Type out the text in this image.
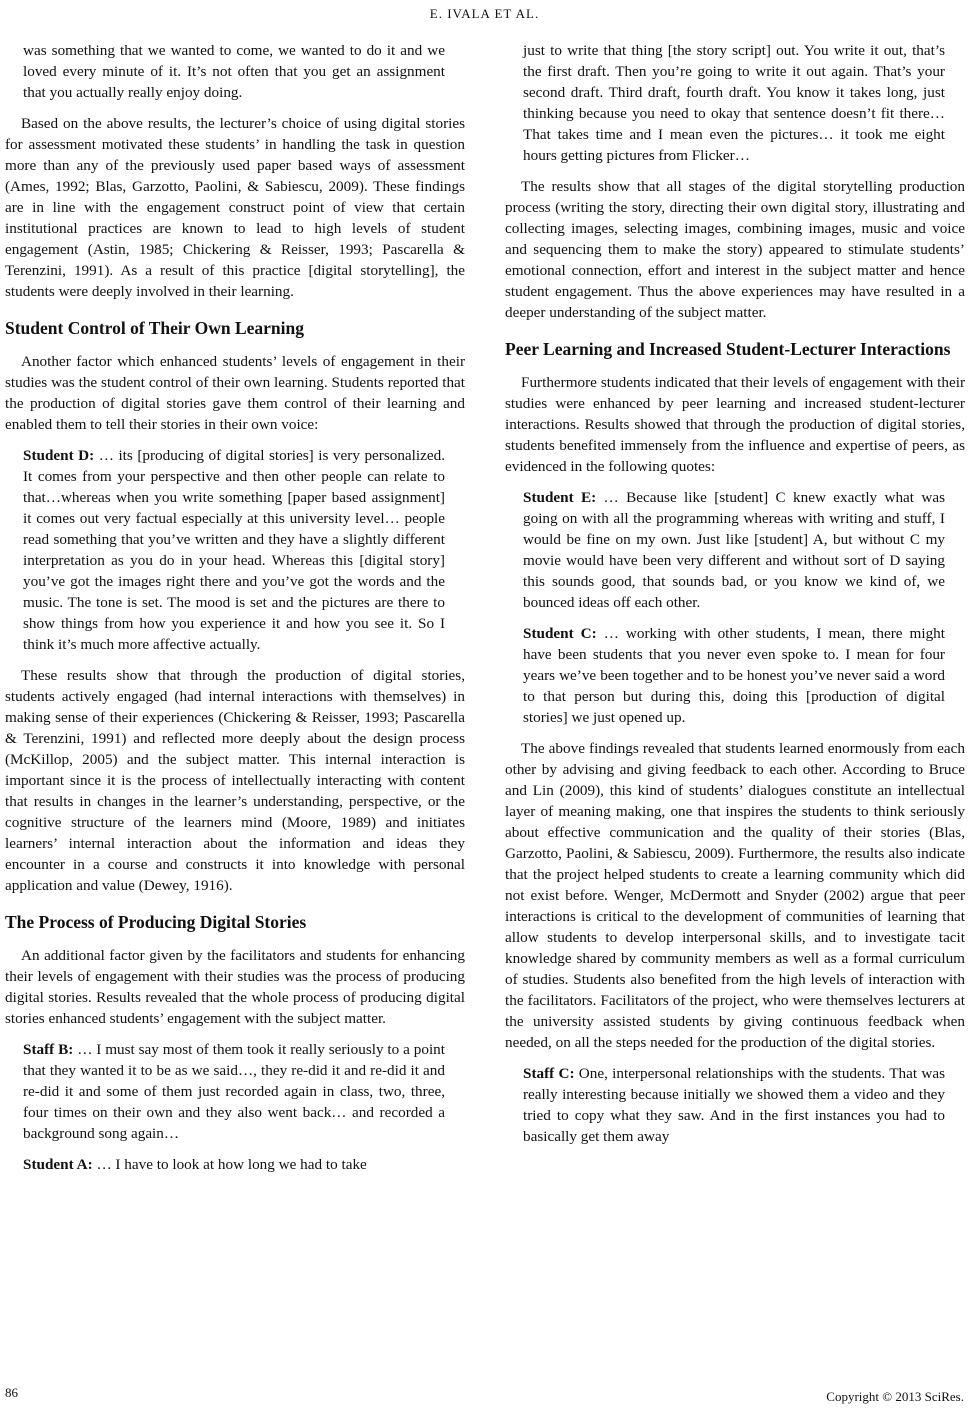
E. IVALA ET AL.
was something that we wanted to come, we wanted to do it and we loved every minute of it. It’s not often that you get an assignment that you actually really enjoy doing.

Based on the above results, the lecturer’s choice of using digital stories for assessment motivated these students’ in handling the task in question more than any of the previously used paper based ways of assessment (Ames, 1992; Blas, Garzotto, Paolini, & Sabiescu, 2009). These findings are in line with the engagement construct point of view that certain institutional practices are known to lead to high levels of student engagement (Astin, 1985; Chickering & Reisser, 1993; Pascarella & Terenzini, 1991). As a result of this practice [digital storytelling], the students were deeply involved in their learning.

Student Control of Their Own Learning

Another factor which enhanced students’ levels of engagement in their studies was the student control of their own learning. Students reported that the production of digital stories gave them control of their learning and enabled them to tell their stories in their own voice:

Student D: … its [producing of digital stories] is very personalized. It comes from your perspective and then other people can relate to that…whereas when you write something [paper based assignment] it comes out very factual especially at this university level… people read something that you’ve written and they have a slightly different interpretation as you do in your head. Whereas this [digital story] you’ve got the images right there and you’ve got the words and the music. The tone is set. The mood is set and the pictures are there to show things from how you experience it and how you see it. So I think it’s much more affective actually.

These results show that through the production of digital stories, students actively engaged (had internal interactions with themselves) in making sense of their experiences (Chickering & Reisser, 1993; Pascarella & Terenzini, 1991) and reflected more deeply about the design process (McKillop, 2005) and the subject matter. This internal interaction is important since it is the process of intellectually interacting with content that results in changes in the learner’s understanding, perspective, or the cognitive structure of the learners mind (Moore, 1989) and initiates learners’ internal interaction about the information and ideas they encounter in a course and constructs it into knowledge with personal application and value (Dewey, 1916).

The Process of Producing Digital Stories

An additional factor given by the facilitators and students for enhancing their levels of engagement with their studies was the process of producing digital stories. Results revealed that the whole process of producing digital stories enhanced students’ engagement with the subject matter.

Staff B: … I must say most of them took it really seriously to a point that they wanted it to be as we said…, they re-did it and re-did it and re-did it and some of them just recorded again in class, two, three, four times on their own and they also went back… and recorded a background song again…
Student A: … I have to look at how long we had to take
just to write that thing [the story script] out. You write it out, that’s the first draft. Then you’re going to write it out again. That’s your second draft. Third draft, fourth draft. You know it takes long, just thinking because you need to okay that sentence doesn’t fit there… That takes time and I mean even the pictures… it took me eight hours getting pictures from Flicker…

The results show that all stages of the digital storytelling production process (writing the story, directing their own digital story, illustrating and collecting images, selecting images, combining images, music and voice and sequencing them to make the story) appeared to stimulate students’ emotional connection, effort and interest in the subject matter and hence student engagement. Thus the above experiences may have resulted in a deeper understanding of the subject matter.

Peer Learning and Increased Student-Lecturer Interactions

Furthermore students indicated that their levels of engagement with their studies were enhanced by peer learning and increased student-lecturer interactions. Results showed that through the production of digital stories, students benefited immensely from the influence and expertise of peers, as evidenced in the following quotes:

Student E: … Because like [student] C knew exactly what was going on with all the programming whereas with writing and stuff, I would be fine on my own. Just like [student] A, but without C my movie would have been very different and without sort of D saying this sounds good, that sounds bad, or you know we kind of, we bounced ideas off each other.
Student C: … working with other students, I mean, there might have been students that you never even spoke to. I mean for four years we’ve been together and to be honest you’ve never said a word to that person but during this, doing this [production of digital stories] we just opened up.

The above findings revealed that students learned enormously from each other by advising and giving feedback to each other. According to Bruce and Lin (2009), this kind of students’ dialogues constitute an intellectual layer of meaning making, one that inspires the students to think seriously about effective communication and the quality of their stories (Blas, Garzotto, Paolini, & Sabiescu, 2009). Furthermore, the results also indicate that the project helped students to create a learning community which did not exist before. Wenger, McDermott and Snyder (2002) argue that peer interactions is critical to the development of communities of learning that allow students to develop interpersonal skills, and to investigate tacit knowledge shared by community members as well as a formal curriculum of studies. Students also benefited from the high levels of interaction with the facilitators. Facilitators of the project, who were themselves lecturers at the university assisted students by giving continuous feedback when needed, on all the steps needed for the production of the digital stories.

Staff C: One, interpersonal relationships with the students. That was really interesting because initially we showed them a video and they tried to copy what they saw. And in the first instances you had to basically get them away
86	Copyright © 2013 SciRes.
